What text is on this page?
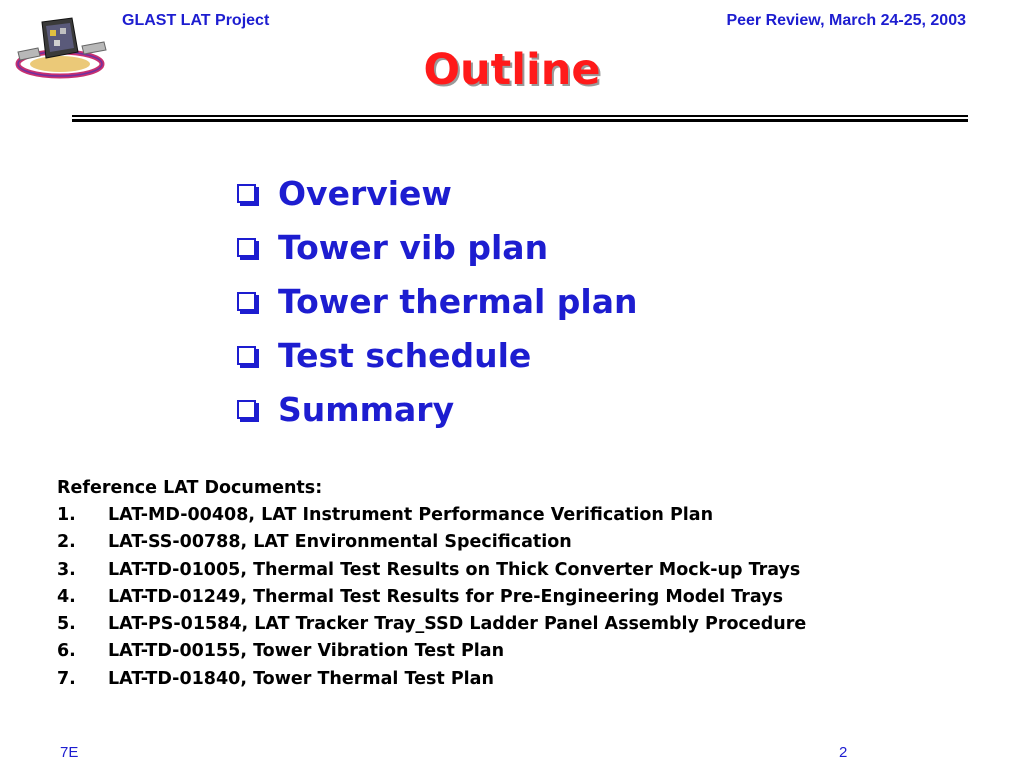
GLAST LAT Project	Peer Review, March 24-25, 2003
Outline
Overview
Tower vib plan
Tower thermal plan
Test schedule
Summary
Reference LAT Documents:
1.	LAT-MD-00408, LAT Instrument Performance Verification Plan
2.	LAT-SS-00788, LAT Environmental Specification
3.	LAT-TD-01005, Thermal Test Results on Thick Converter Mock-up Trays
4.	LAT-TD-01249, Thermal Test Results for Pre-Engineering Model Trays
5.	LAT-PS-01584, LAT Tracker Tray_SSD Ladder Panel Assembly Procedure
6.	LAT-TD-00155, Tower Vibration Test Plan
7.	LAT-TD-01840, Tower Thermal Test Plan
7E	2
